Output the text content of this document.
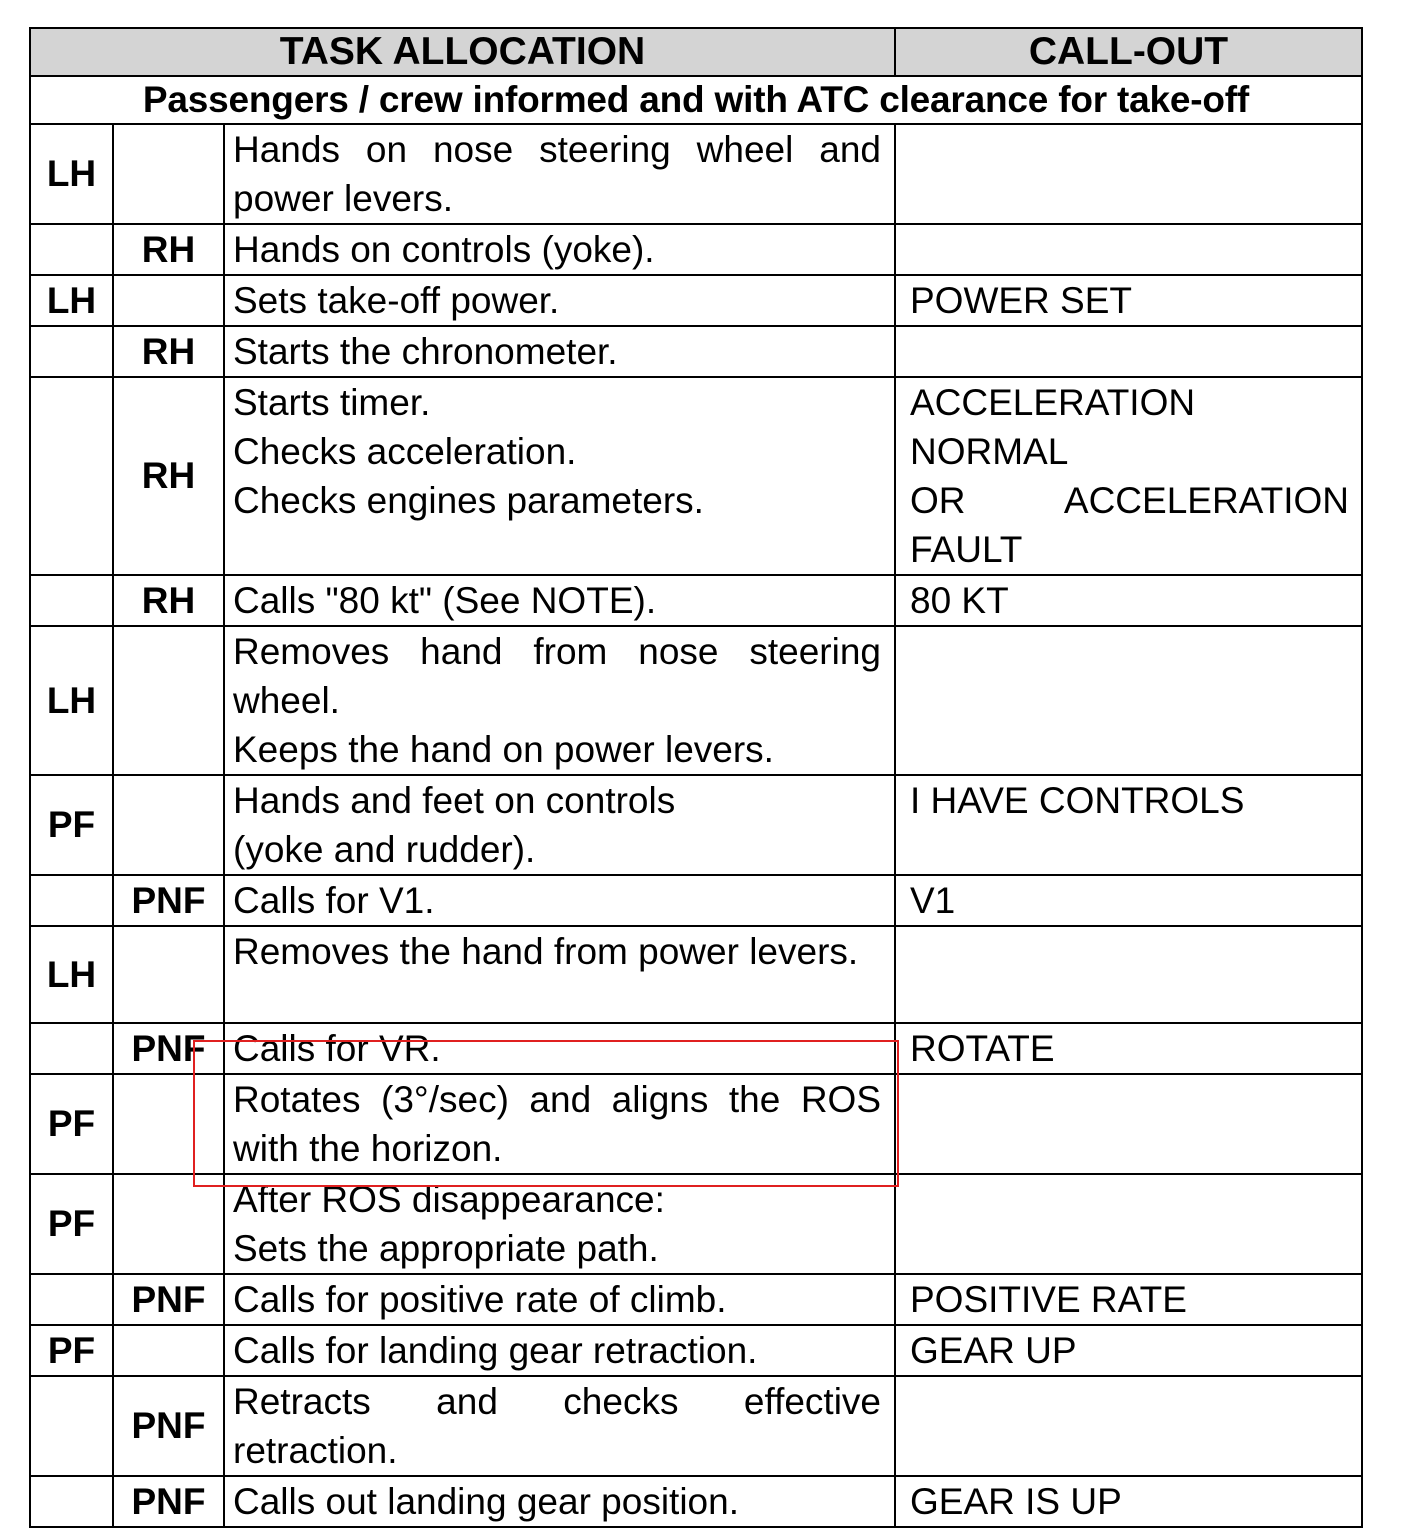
TASK ALLOCATION			CALL-OUT
Passengers / crew informed and with ATC clearance for take-off			
LH		Hands on nose steering wheel and power levers.	

	RH	Hands on controls (yoke).	

LH		Sets take-off power.	POWER SET

	RH	Starts the chronometer.	

	RH	Starts timer.
Checks acceleration.
Checks engines parameters.	ACCELERATION NORMAL
OR ACCELERATION FAULT

	RH	Calls "80 kt" (See NOTE).	80 KT

LH		Removes hand from nose steering wheel.
Keeps the hand on power levers.	

PF		Hands and feet on controls
(yoke and rudder).	I HAVE CONTROLS

	PNF	Calls for V1.	V1

LH		Removes the hand from power levers.	

	PNF	Calls for VR.	ROTATE

PF		Rotates (3°/sec) and aligns the ROS with the horizon.	

PF		After ROS disappearance:
Sets the appropriate path.	

	PNF	Calls for positive rate of climb.	POSITIVE RATE

PF		Calls for landing gear retraction.	GEAR UP

	PNF	Retracts and checks effective retraction.	

	PNF	Calls out landing gear position.	GEAR IS UP
